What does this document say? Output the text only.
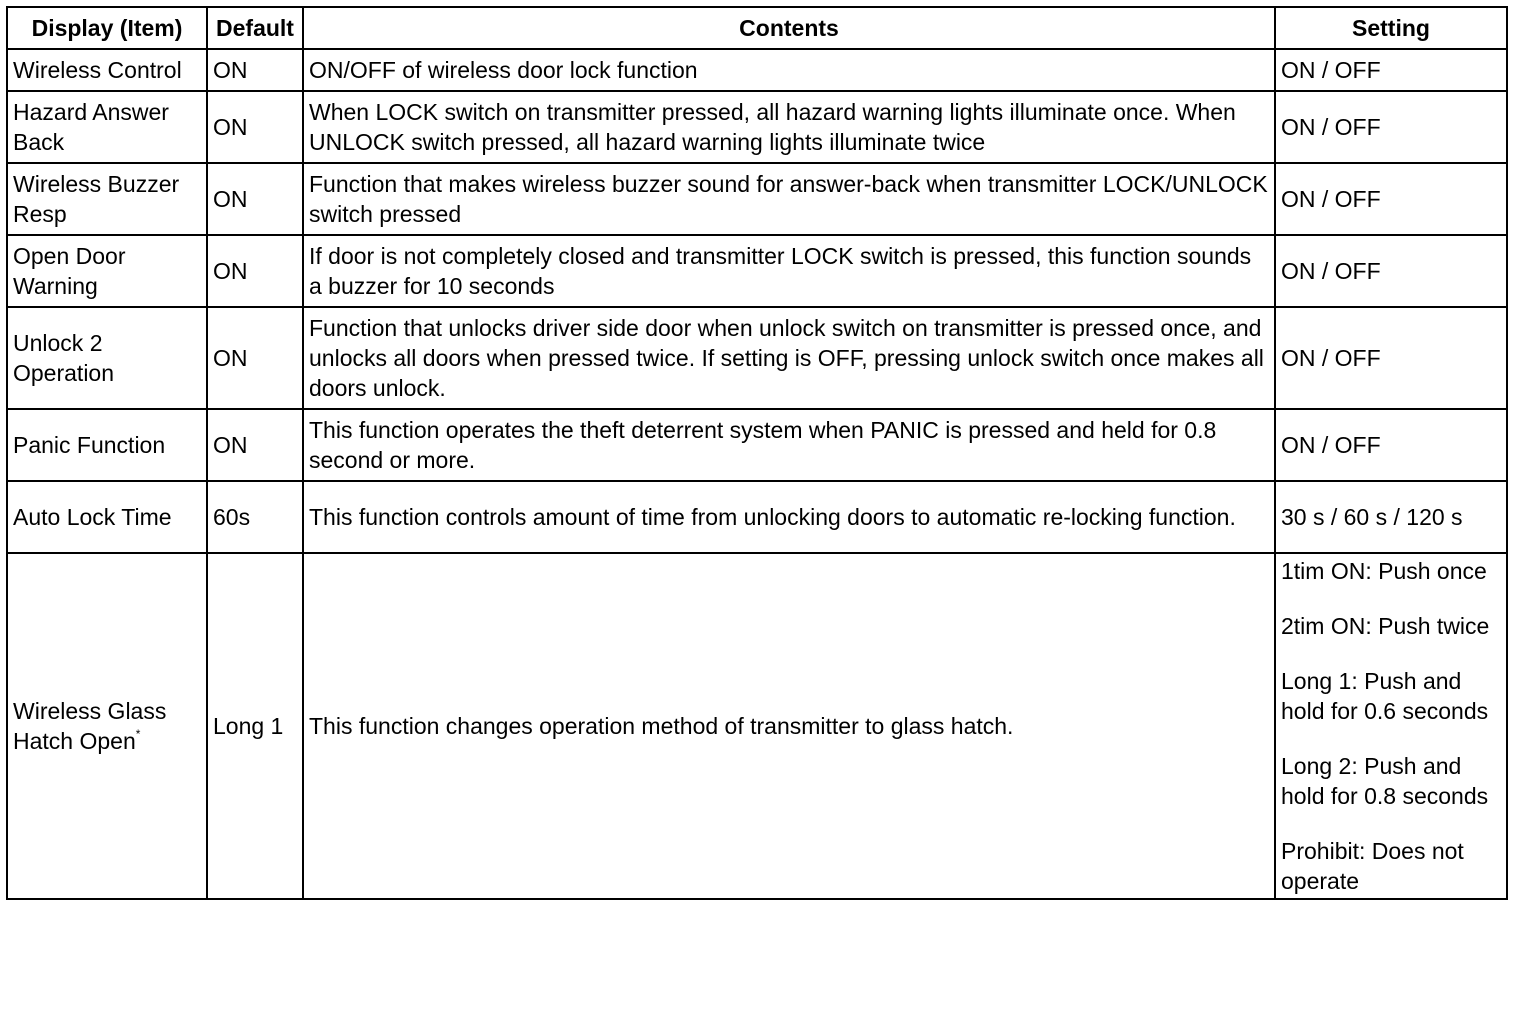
Display (Item)	Default	Contents	Setting
Wireless Control	ON	ON/OFF of wireless door lock function	ON / OFF
Hazard Answer Back	ON	When LOCK switch on transmitter pressed, all hazard warning lights illuminate once. When UNLOCK switch pressed, all hazard warning lights illuminate twice	ON / OFF
Wireless Buzzer Resp	ON	Function that makes wireless buzzer sound for answer-back when transmitter LOCK/UNLOCK switch pressed	ON / OFF
Open Door Warning	ON	If door is not completely closed and transmitter LOCK switch is pressed, this function sounds a buzzer for 10 seconds	ON / OFF
Unlock 2 Operation	ON	Function that unlocks driver side door when unlock switch on transmitter is pressed once, and unlocks all doors when pressed twice. If setting is OFF, pressing unlock switch once makes all doors unlock.	ON / OFF
Panic Function	ON	This function operates the theft deterrent system when PANIC is pressed and held for 0.8 second or more.	ON / OFF
Auto Lock Time	60s	This function controls amount of time from unlocking doors to automatic re-locking function.	30 s / 60 s / 120 s
Wireless Glass Hatch Open*	Long 1	This function changes operation method of transmitter to glass hatch.	1tim ON: Push once
2tim ON: Push twice
Long 1: Push and hold for 0.6 seconds
Long 2: Push and hold for 0.8 seconds
Prohibit: Does not operate
